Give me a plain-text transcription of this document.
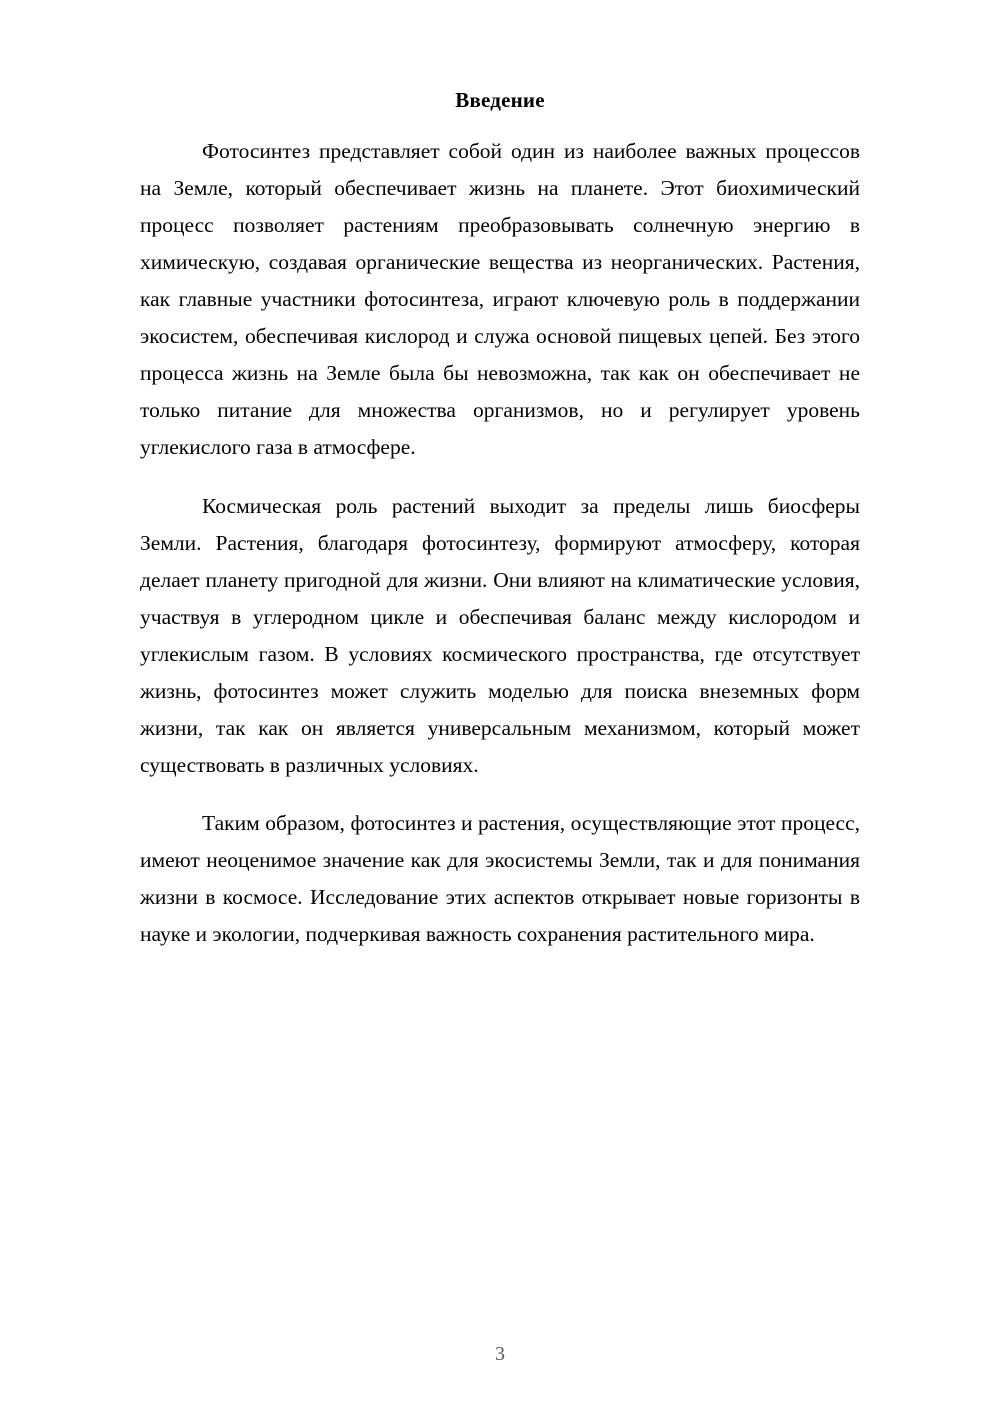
Введение

Фотосинтез представляет собой один из наиболее важных процессов на Земле, который обеспечивает жизнь на планете. Этот биохимический процесс позволяет растениям преобразовывать солнечную энергию в химическую, создавая органические вещества из неорганических. Растения, как главные участники фотосинтеза, играют ключевую роль в поддержании экосистем, обеспечивая кислород и служа основой пищевых цепей. Без этого процесса жизнь на Земле была бы невозможна, так как он обеспечивает не только питание для множества организмов, но и регулирует уровень углекислого газа в атмосфере.

Космическая роль растений выходит за пределы лишь биосферы Земли. Растения, благодаря фотосинтезу, формируют атмосферу, которая делает планету пригодной для жизни. Они влияют на климатические условия, участвуя в углеродном цикле и обеспечивая баланс между кислородом и углекислым газом. В условиях космического пространства, где отсутствует жизнь, фотосинтез может служить моделью для поиска внеземных форм жизни, так как он является универсальным механизмом, который может существовать в различных условиях.

Таким образом, фотосинтез и растения, осуществляющие этот процесс, имеют неоценимое значение как для экосистемы Земли, так и для понимания жизни в космосе. Исследование этих аспектов открывает новые горизонты в науке и экологии, подчеркивая важность сохранения растительного мира.

3
